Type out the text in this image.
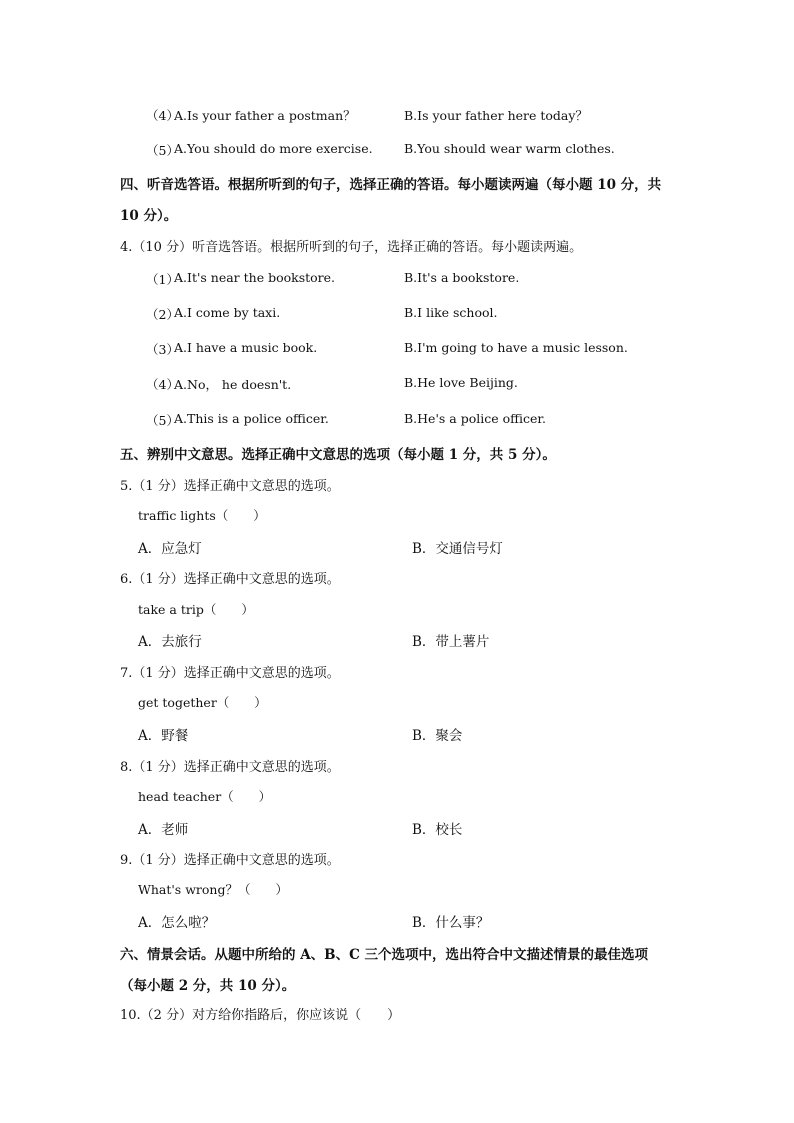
（4）
A.Is your father a postman？	B.Is your father here today？
（5）
A.You should do more exercise.	B.You should wear warm clothes.
四、听音选答语。根据所听到的句子，选择正确的答语。每小题读两遍（每小题 10 分，共
10 分）。
4.（10 分）听音选答语。根据所听到的句子，选择正确的答语。每小题读两遍。
（1）
A.It's near the bookstore.	B.It's a bookstore.
（2）
A.I come by taxi.	B.I like school.
（3）
A.I have a music book.	B.I'm going to have a music lesson.
（4）
A.No， he doesn't.	B.He love Beijing.
（5）
A.This is a police officer.	B.He's a police officer.
五、辨别中文意思。选择正确中文意思的选项（每小题 1 分，共 5 分）。
5.（1 分）选择正确中文意思的选项。
traffic lights（　　）
A．应急灯	B．交通信号灯
6.（1 分）选择正确中文意思的选项。
take a trip（　　）
A．去旅行	B．带上薯片
7.（1 分）选择正确中文意思的选项。
get together（　　）
A．野餐	B．聚会
8.（1 分）选择正确中文意思的选项。
head teacher（　　）
A．老师	B．校长
9.（1 分）选择正确中文意思的选项。
What's wrong？（　　）
A．怎么啦？	B．什么事？
六、情景会话。从题中所给的 A、B、C 三个选项中，选出符合中文描述情景的最佳选项
（每小题 2 分，共 10 分）。
10.（2 分）对方给你指路后，你应该说（　　）
